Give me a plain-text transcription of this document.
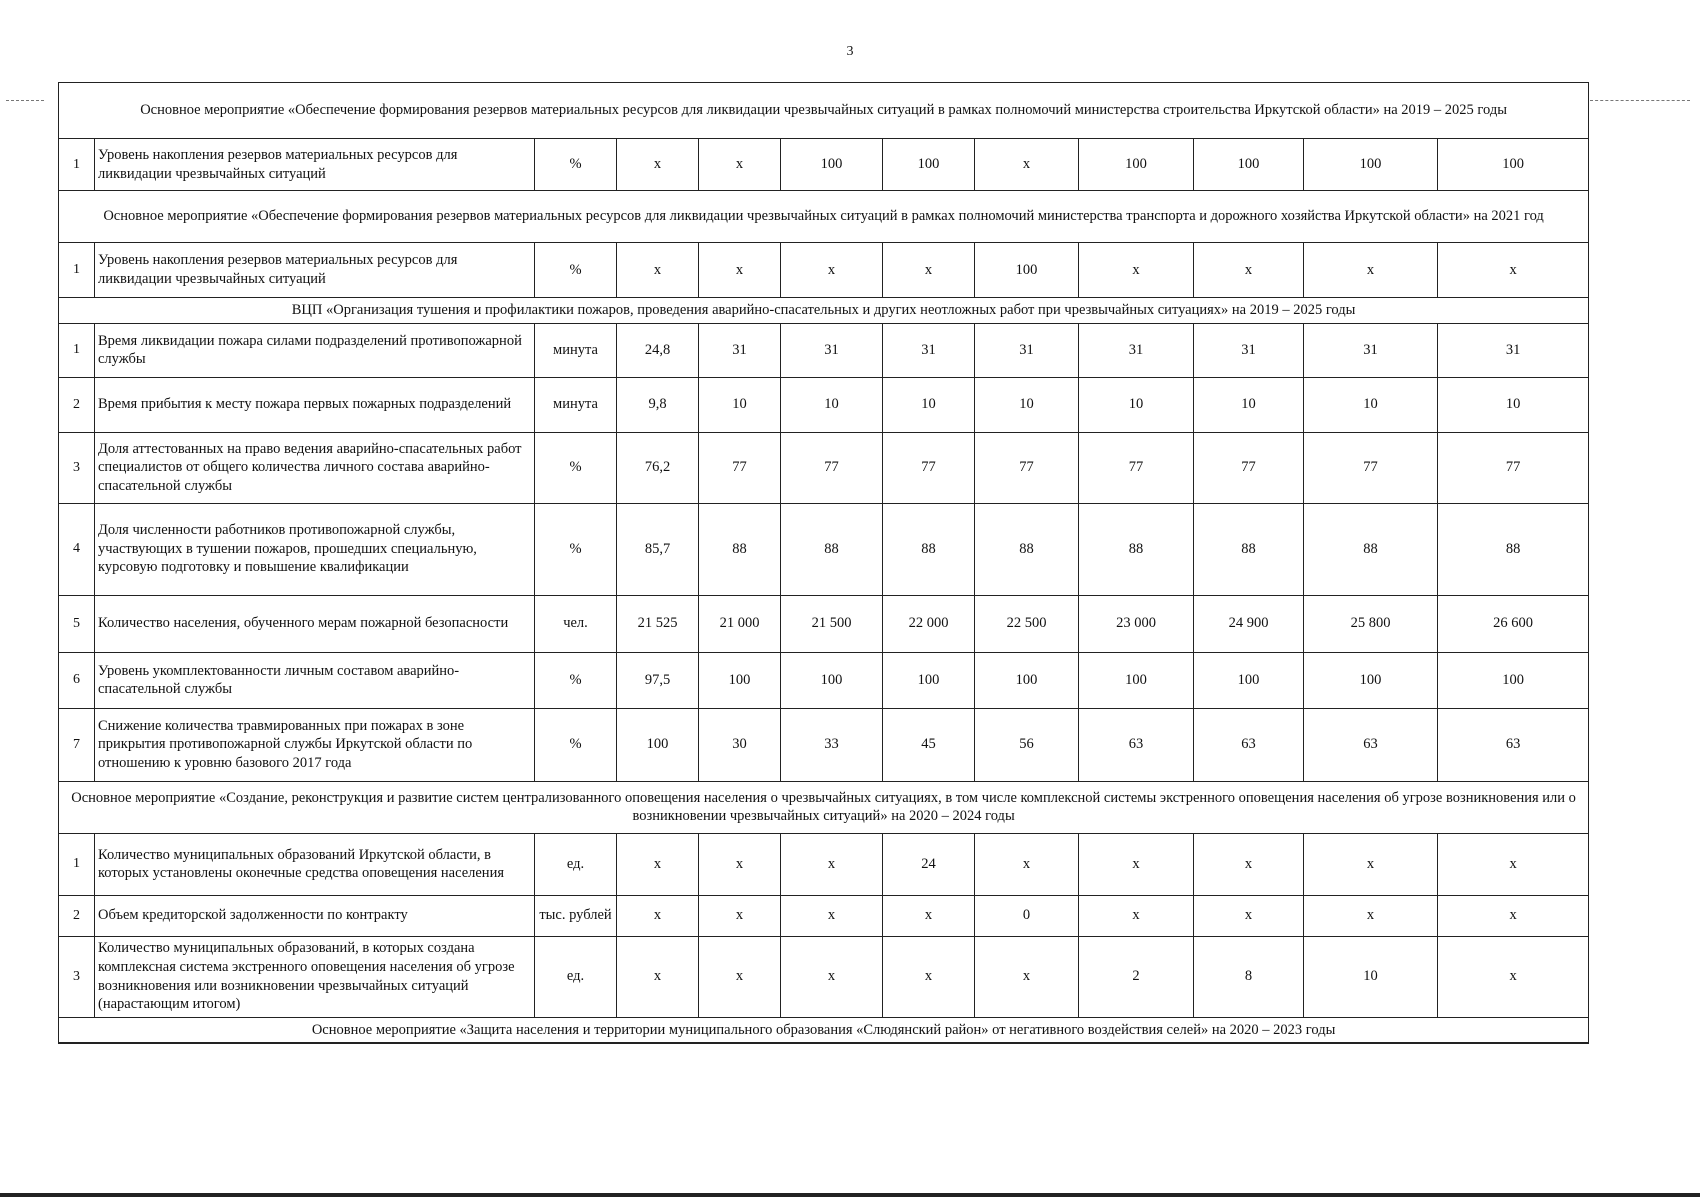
3
Основное мероприятие «Обеспечение формирования резервов материальных ресурсов для ликвидации чрезвычайных ситуаций в рамках полномочий министерства строительства Иркутской области» на 2019 – 2025 годы											
1	Уровень накопления резервов материальных ресурсов для ликвидации чрезвычайных ситуаций	%	x	x	100	100	x	100	100	100	100
Основное мероприятие «Обеспечение формирования резервов материальных ресурсов для ликвидации чрезвычайных ситуаций в рамках полномочий министерства транспорта и дорожного хозяйства Иркутской области» на 2021 год											
1	Уровень накопления резервов материальных ресурсов для ликвидации чрезвычайных ситуаций	%	x	x	x	x	100	x	x	x	x
ВЦП «Организация тушения и профилактики пожаров, проведения аварийно-спасательных и других неотложных работ при чрезвычайных ситуациях» на 2019 – 2025 годы											
1	Время ликвидации пожара силами подразделений противопожарной службы	минута	24,8	31	31	31	31	31	31	31	31
2	Время прибытия к месту пожара первых пожарных подразделений	минута	9,8	10	10	10	10	10	10	10	10
3	Доля аттестованных на право ведения аварийно-спасательных работ специалистов от общего количества личного состава аварийно-спасательной службы	%	76,2	77	77	77	77	77	77	77	77
4	Доля численности работников противопожарной службы, участвующих в тушении пожаров, прошедших специальную, курсовую подготовку и повышение квалификации	%	85,7	88	88	88	88	88	88	88	88
5	Количество населения, обученного мерам пожарной безопасности	чел.	21 525	21 000	21 500	22 000	22 500	23 000	24 900	25 800	26 600
6	Уровень укомплектованности личным составом аварийно-спасательной службы	%	97,5	100	100	100	100	100	100	100	100
7	Снижение количества травмированных при пожарах в зоне прикрытия противопожарной службы Иркутской области по отношению к уровню базового 2017 года	%	100	30	33	45	56	63	63	63	63
Основное мероприятие «Создание, реконструкция и развитие систем централизованного оповещения населения о чрезвычайных ситуациях, в том числе комплексной системы экстренного оповещения населения об угрозе возникновения или о возникновении чрезвычайных ситуаций» на 2020 – 2024 годы											
1	Количество муниципальных образований Иркутской области, в которых установлены оконечные средства оповещения населения	ед.	x	x	x	24	x	x	x	x	x
2	Объем кредиторской задолженности по контракту	тыс. рублей	x	x	x	x	0	x	x	x	x
3	Количество муниципальных образований, в которых создана комплексная система экстренного оповещения населения об угрозе возникновения или возникновении чрезвычайных ситуаций (нарастающим итогом)	ед.	x	x	x	x	x	2	8	10	x
Основное мероприятие «Защита населения и территории муниципального образования «Слюдянский район» от негативного воздействия селей» на 2020 – 2023 годы											
